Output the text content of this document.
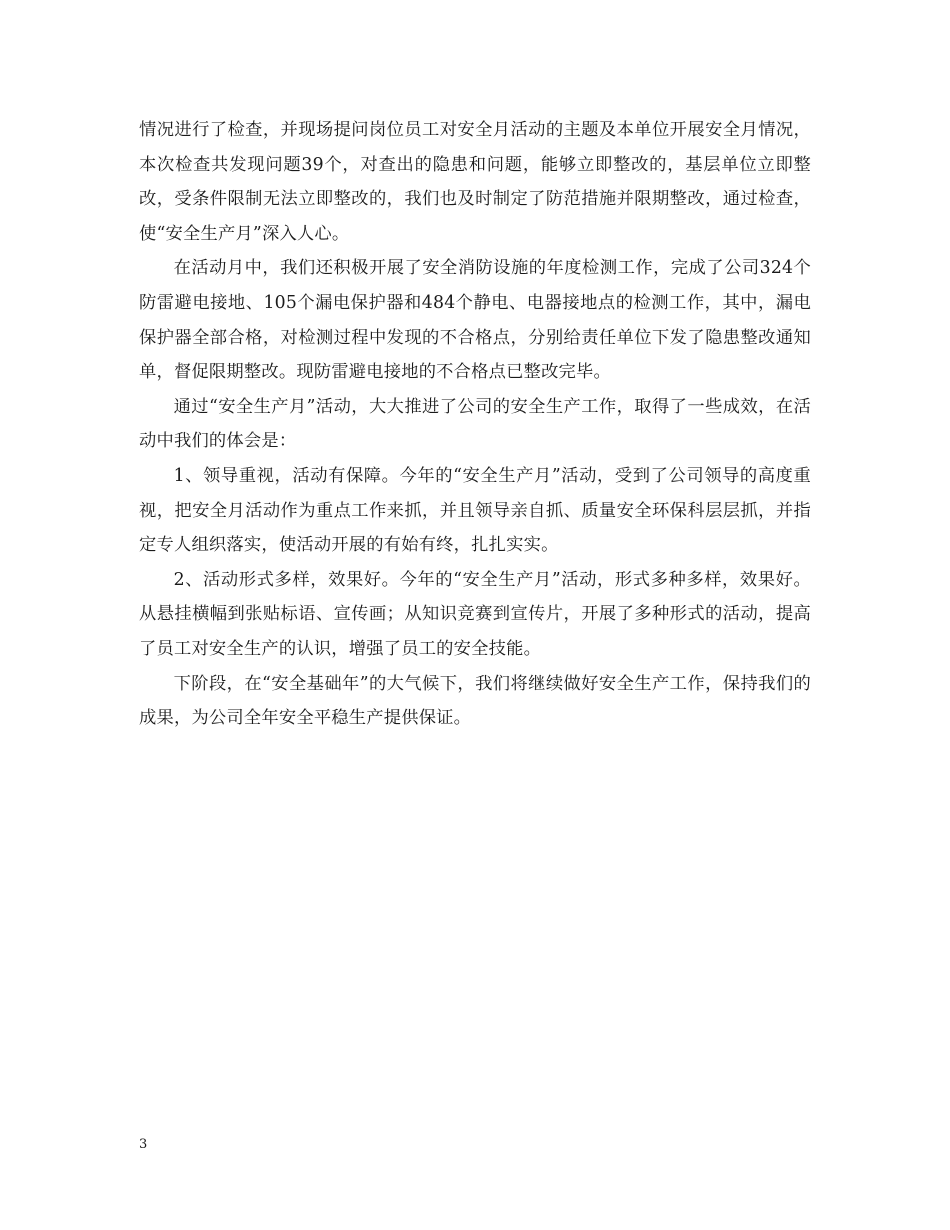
情况进行了检查，并现场提问岗位员工对安全月活动的主题及本单位开展安全月情况，本次检查共发现问题39个，对查出的隐患和问题，能够立即整改的，基层单位立即整改，受条件限制无法立即整改的，我们也及时制定了防范措施并限期整改，通过检查，使“安全生产月”深入人心。

在活动月中，我们还积极开展了安全消防设施的年度检测工作，完成了公司324个防雷避电接地、105个漏电保护器和484个静电、电器接地点的检测工作，其中，漏电保护器全部合格，对检测过程中发现的不合格点，分别给责任单位下发了隐患整改通知单，督促限期整改。现防雷避电接地的不合格点已整改完毕。

通过“安全生产月”活动，大大推进了公司的安全生产工作，取得了一些成效，在活动中我们的体会是：

1、领导重视，活动有保障。今年的“安全生产月”活动，受到了公司领导的高度重视，把安全月活动作为重点工作来抓，并且领导亲自抓、质量安全环保科层层抓，并指定专人组织落实，使活动开展的有始有终，扎扎实实。

2、活动形式多样，效果好。今年的“安全生产月”活动，形式多种多样，效果好。从悬挂横幅到张贴标语、宣传画；从知识竞赛到宣传片，开展了多种形式的活动，提高了员工对安全生产的认识，增强了员工的安全技能。

下阶段，在“安全基础年”的大气候下，我们将继续做好安全生产工作，保持我们的成果，为公司全年安全平稳生产提供保证。

3
